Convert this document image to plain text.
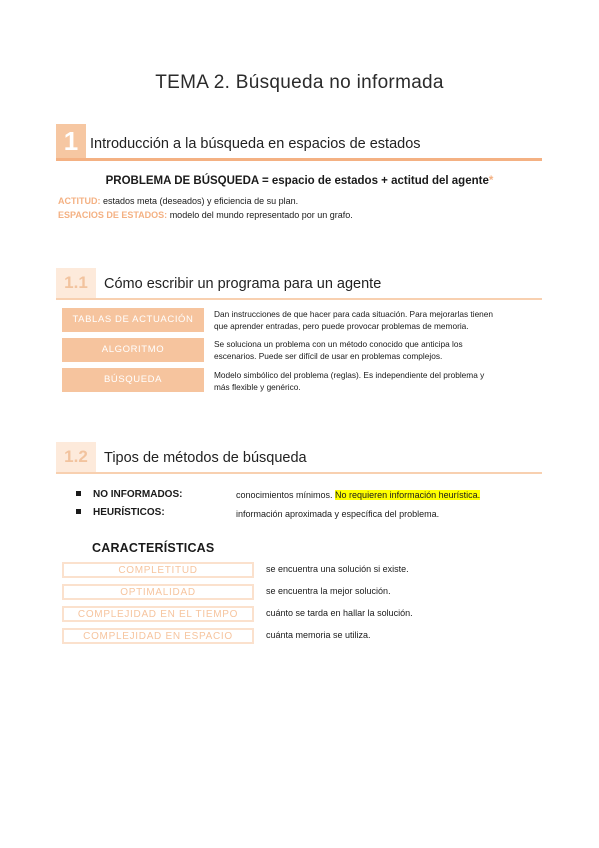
TEMA 2. Búsqueda no informada
1 Introducción a la búsqueda en espacios de estados
PROBLEMA DE BÚSQUEDA = espacio de estados + actitud del agente*
ACTITUD: estados meta (deseados) y eficiencia de su plan.
ESPACIOS DE ESTADOS: modelo del mundo representado por un grafo.
1.1	Cómo escribir un programa para un agente
TABLAS DE ACTUACIÓN	Dan instrucciones de que hacer para cada situación. Para mejorarlas tienen
que aprender entradas, pero puede provocar problemas de memoria.
ALGORITMO	Se soluciona un problema con un método conocido que anticipa los
escenarios. Puede ser difícil de usar en problemas complejos.
BÚSQUEDA	Modelo simbólico del problema (reglas). Es independiente del problema y
más flexible y genérico.
1.2	Tipos de métodos de búsqueda
NO INFORMADOS:	conocimientos mínimos. No requieren información heurística.
HEURÍSTICOS:	información aproximada y específica del problema.
CARACTERÍSTICAS
COMPLETITUD	se encuentra una solución si existe.
OPTIMALIDAD	se encuentra la mejor solución.
COMPLEJIDAD EN EL TIEMPO	cuánto se tarda en hallar la solución.
COMPLEJIDAD EN ESPACIO	cuánta memoria se utiliza.
